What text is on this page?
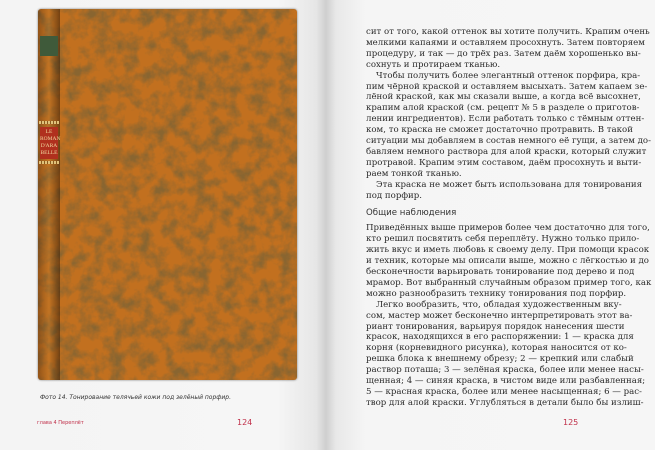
LE
ROMAN
D'ARA
BELLE
Фото 14. Тонирование телячьей кожи под зелёный порфир.
глава 4 Переплёт	124
сит от того, какой оттенок вы хотите получить. Крапим очень
мелкими капаями и оставляем просохнуть. Затем повторяем
процедуру, и так — до трёх раз. Затем даём хорошенько вы-
сохнуть и протираем тканью.
Чтобы получить более элегантный оттенок порфира, кра-
пим чёрной краской и оставляем высыхать. Затем капаем зе-
лёной краской, как мы сказали выше, а когда всё высохнет,
крапим алой краской (см. рецепт № 5 в разделе о приготов-
лении ингредиентов). Если работать только с тёмным оттен-
ком, то краска не сможет достаточно протравить. В такой
ситуации мы добавляем в состав немного её гущи, а затем до-
бавляем немного раствора для алой краски, который служит
протравой. Крапим этим составом, даём просохнуть и выти-
раем тонкой тканью.
Эта краска не может быть использована для тонирования
под порфир.
Общие наблюдения
Приведённых выше примеров более чем достаточно для того,
кто решил посвятить себя переплёту. Нужно только прило-
жить вкус и иметь любовь к своему делу. При помощи красок
и техник, которые мы описали выше, можно с лёгкостью и до
бесконечности варьировать тонирование под дерево и под
мрамор. Вот выбранный случайным образом пример того, как
можно разнообразить технику тонирования под порфир.
Легко вообразить, что, обладая художественным вку-
сом, мастер может бесконечно интерпретировать этот ва-
риант тонирования, варьируя порядок нанесения шести
красок, находящихся в его распоряжении: 1 — краска для
корня (корневидного рисунка), которая наносится от ко-
решка блока к внешнему обрезу; 2 — крепкий или слабый
раствор поташа; 3 — зелёная краска, более или менее насы-
щенная; 4 — синяя краска, в чистом виде или разбавленная;
5 — красная краска, более или менее насыщенная; 6 — рас-
твор для алой краски. Углубляться в детали было бы излиш-
125
